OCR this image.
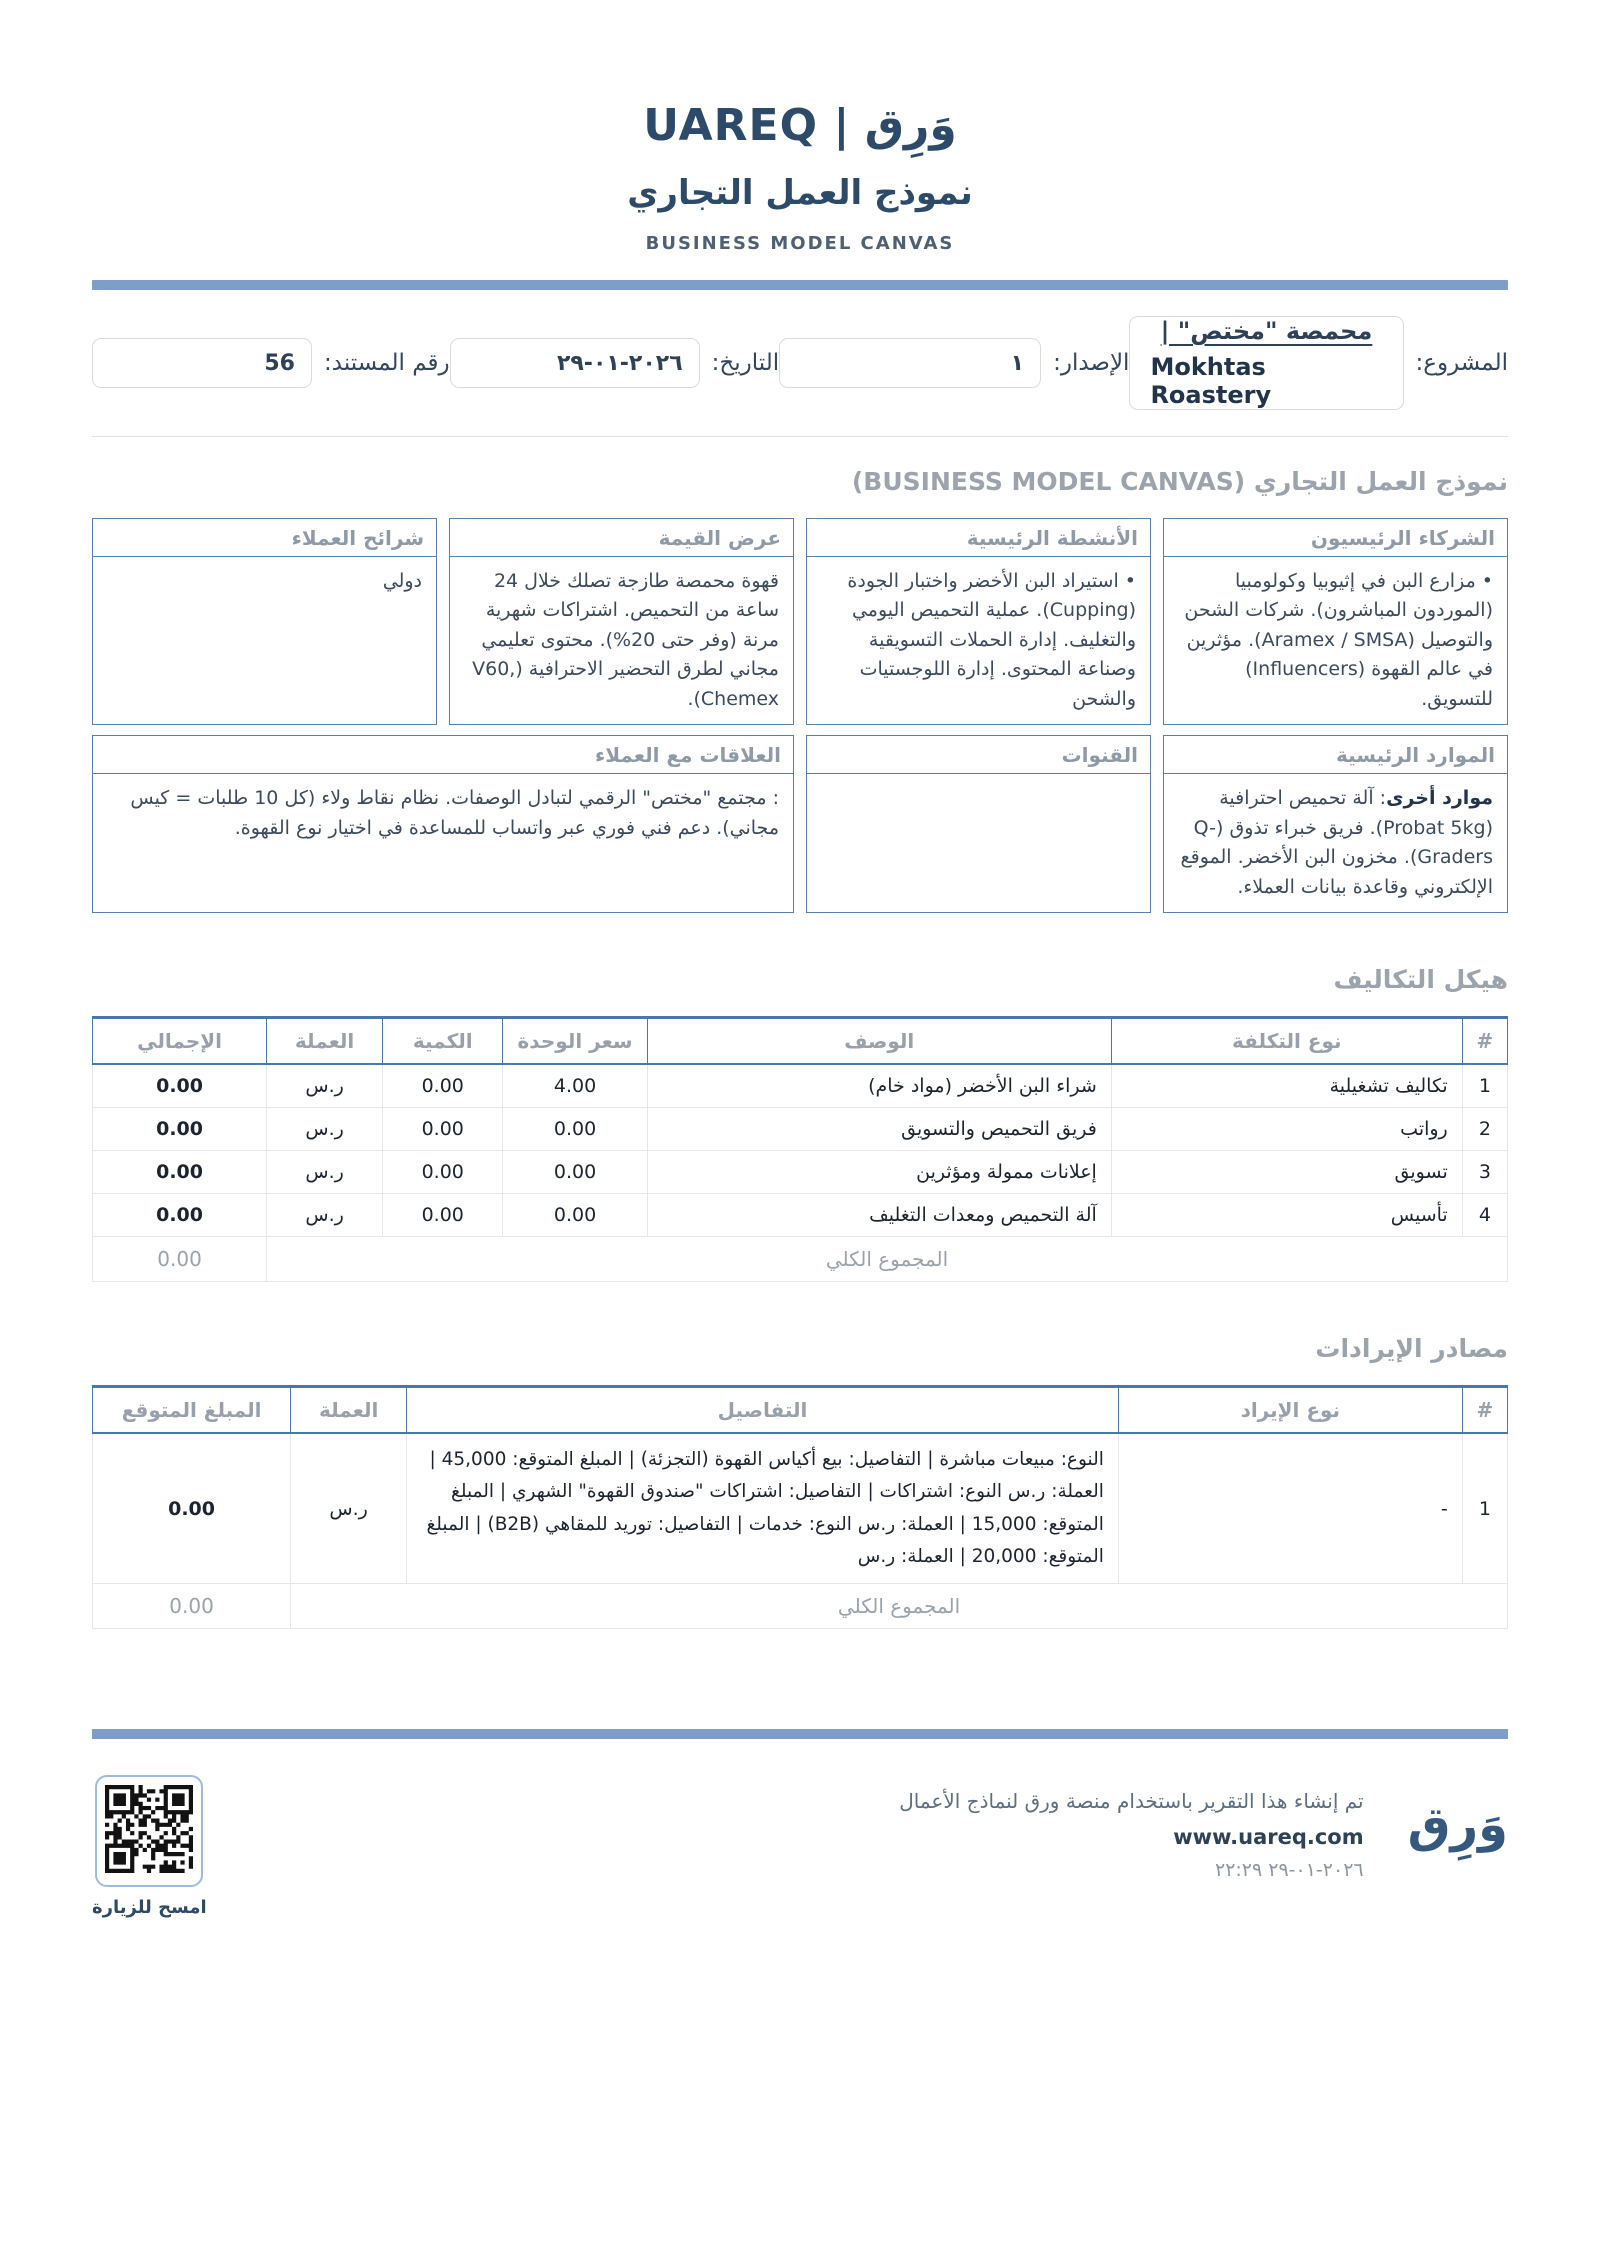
وَرِق | UAREQ
نموذج العمل التجاري
BUSINESS MODEL CANVAS
المشروع:
محمصة "مختص" |
Mokhtas Roastery
الإصدار:
١
التاريخ:
٢٩-٠١-٢٠٢٦
رقم المستند:
56
نموذج العمل التجاري (BUSINESS MODEL CANVAS)
الشركاء الرئيسيون
• مزارع البن في إثيوبيا وكولومبيا (الموردون المباشرون). شركات الشحن والتوصيل (Aramex / SMSA). مؤثرين في عالم القهوة (Influencers) للتسويق.
الأنشطة الرئيسية
• استيراد البن الأخضر واختبار الجودة (Cupping). عملية التحميص اليومي والتغليف. إدارة الحملات التسويقية وصناعة المحتوى. إدارة اللوجستيات والشحن
عرض القيمة
قهوة محمصة طازجة تصلك خلال 24 ساعة من التحميص. اشتراكات شهرية مرنة (وفر حتى 20%). محتوى تعليمي مجاني لطرق التحضير الاحترافية (V60, Chemex).
شرائح العملاء
دولي
الموارد الرئيسية
موارد أخرى: آلة تحميص احترافية (Probat 5kg). فريق خبراء تذوق (Q-Graders). مخزون البن الأخضر. الموقع الإلكتروني وقاعدة بيانات العملاء.
القنوات
العلاقات مع العملاء
: مجتمع "مختص" الرقمي لتبادل الوصفات. نظام نقاط ولاء (كل 10 طلبات = كيس مجاني). دعم فني فوري عبر واتساب للمساعدة في اختيار نوع القهوة.
هيكل التكاليف
#	نوع التكلفة	الوصف	سعر الوحدة	الكمية	العملة	الإجمالي
1	تكاليف تشغيلية	شراء البن الأخضر (مواد خام)	4.00	0.00	ر.س	0.00
2	رواتب	فريق التحميص والتسويق	0.00	0.00	ر.س	0.00
3	تسويق	إعلانات ممولة ومؤثرين	0.00	0.00	ر.س	0.00
4	تأسيس	آلة التحميص ومعدات التغليف	0.00	0.00	ر.س	0.00
المجموع الكلي						0.00
مصادر الإيرادات
#	نوع الإيراد	التفاصيل	العملة	المبلغ المتوقع
1	-	النوع: مبيعات مباشرة | التفاصيل: بيع أكياس القهوة (التجزئة) | المبلغ المتوقع: 45,000 | العملة: ر.س النوع: اشتراكات | التفاصيل: اشتراكات "صندوق القهوة" الشهري | المبلغ المتوقع: 15,000 | العملة: ر.س النوع: خدمات | التفاصيل: توريد للمقاهي (B2B) | المبلغ المتوقع: 20,000 | العملة: ر.س	ر.س	0.00
المجموع الكلي				0.00
وَرِق
تم إنشاء هذا التقرير باستخدام منصة ورق لنماذج الأعمال
www.uareq.com
٢٢:٢٩ ٢٩-٠١-٢٠٢٦
امسح للزيارة
